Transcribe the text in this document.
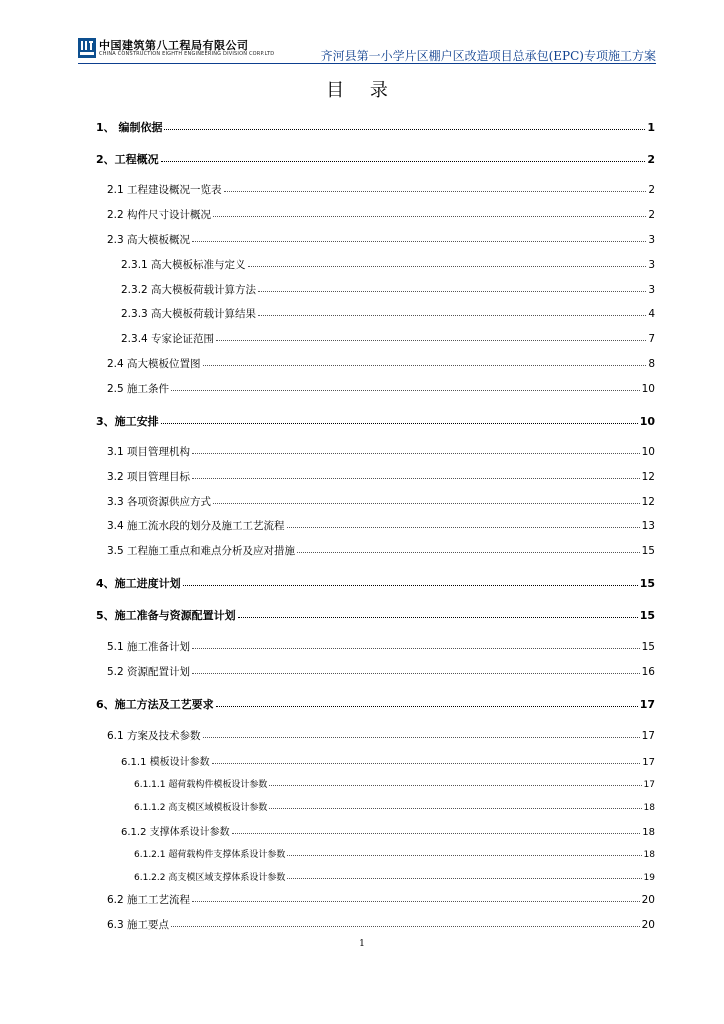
中国建筑第八工程局有限公司
CHINA CONSTRUCTION EIGHTH ENGINEERING DIVISION CORP.LTD	齐河县第一小学片区棚户区改造项目总承包(EPC)专项施工方案
目 录
1、 编制依据	1
2、工程概况	2
2.1 工程建设概况一览表	2
2.2 构件尺寸设计概况	2
2.3 高大模板概况	3
2.3.1 高大模板标准与定义	3
2.3.2 高大模板荷载计算方法	3
2.3.3 高大模板荷载计算结果	4
2.3.4 专家论证范围	7
2.4 高大模板位置图	8
2.5 施工条件	10
3、施工安排	10
3.1 项目管理机构	10
3.2 项目管理目标	12
3.3 各项资源供应方式	12
3.4 施工流水段的划分及施工工艺流程	13
3.5 工程施工重点和难点分析及应对措施	15
4、施工进度计划	15
5、施工准备与资源配置计划	15
5.1 施工准备计划	15
5.2 资源配置计划	16
6、施工方法及工艺要求	17
6.1 方案及技术参数	17
6.1.1 模板设计参数	17
6.1.1.1 超荷载构件模板设计参数	17
6.1.1.2 高支模区域模板设计参数	18
6.1.2 支撑体系设计参数	18
6.1.2.1 超荷载构件支撑体系设计参数	18
6.1.2.2 高支模区域支撑体系设计参数	19
6.2 施工工艺流程	20
6.3 施工要点	20
1
